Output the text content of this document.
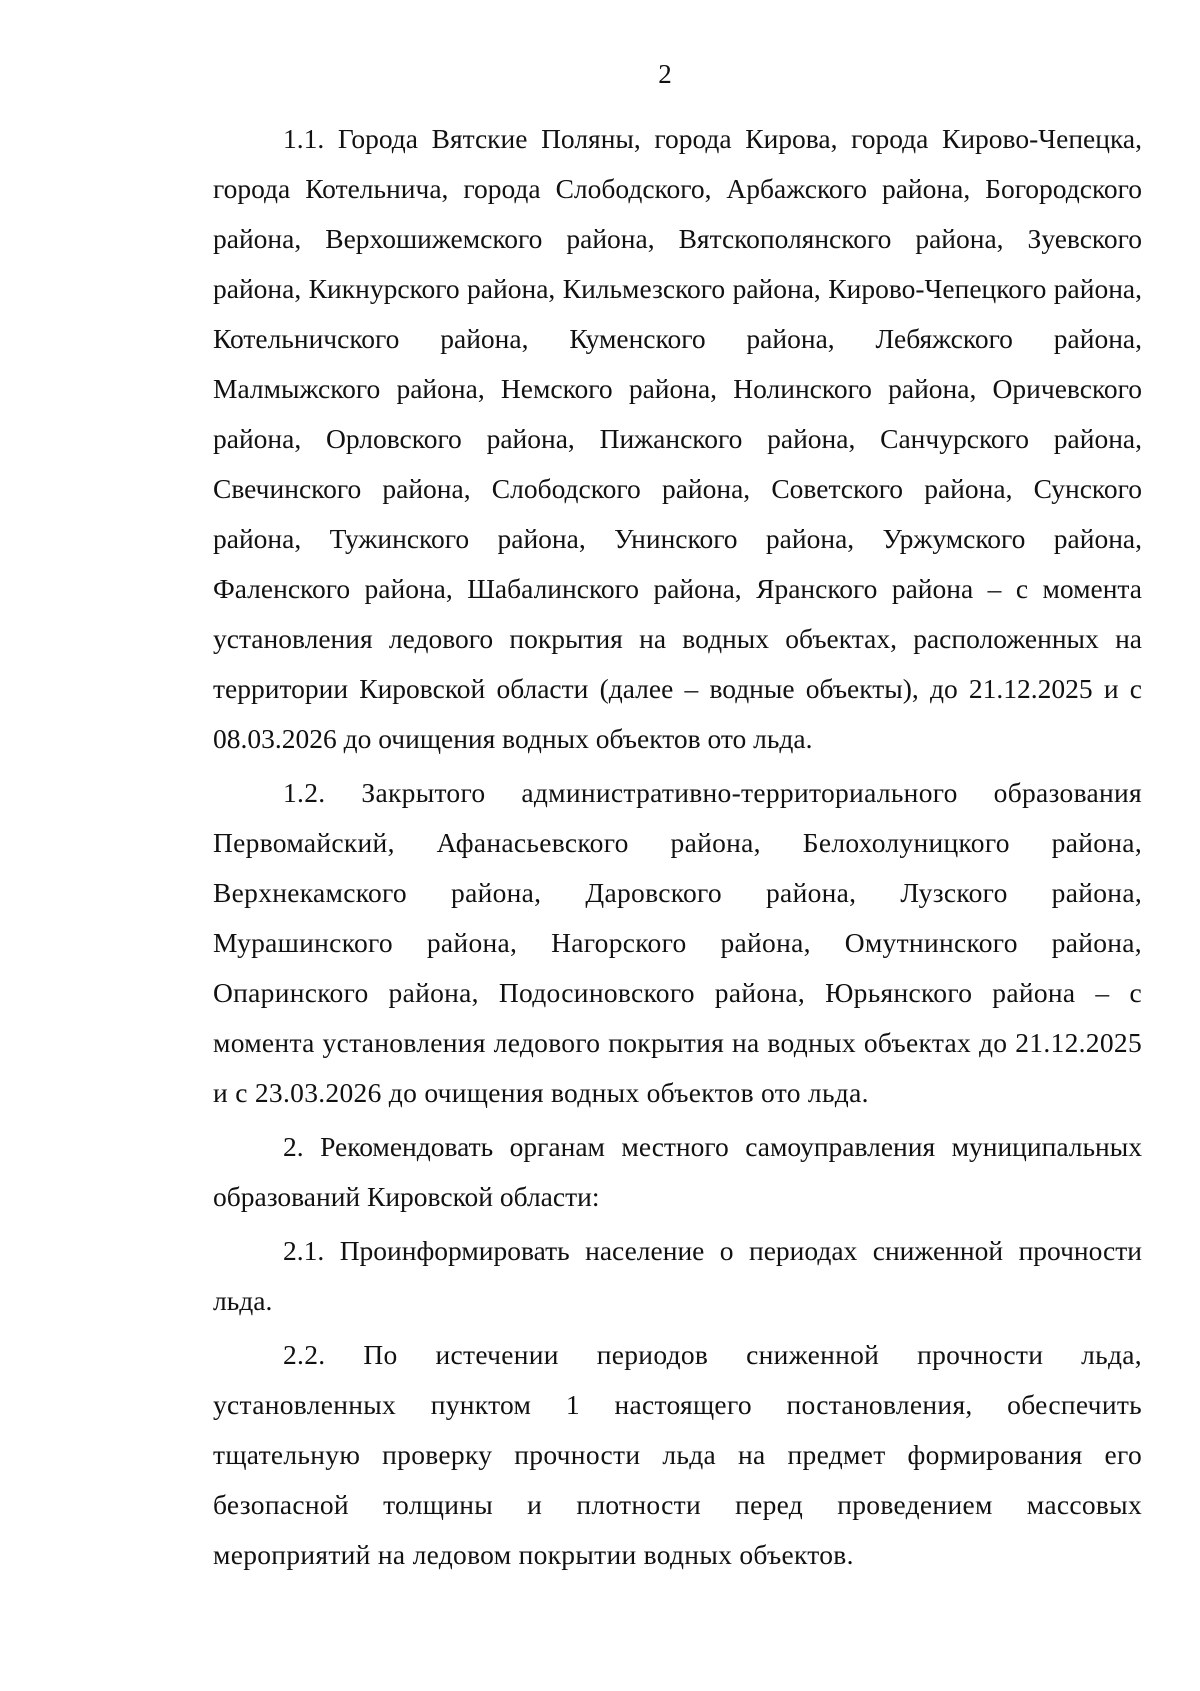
2

1.1. Города Вятские Поляны, города Кирова, города Кирово-Чепецка, города Котельнича, города Слободского, Арбажского района, Богородского района, Верхошижемского района, Вятскополянского района, Зуевского района, Кикнурского района, Кильмезского района, Кирово-Чепецкого района, Котельничского района, Куменского района, Лебяжского района, Малмыжского района, Немского района, Нолинского района, Оричевского района, Орловского района, Пижанского района, Санчурского района, Свечинского района, Слободского района, Советского района, Сунского района, Тужинского района, Унинского района, Уржумского района, Фаленского района, Шабалинского района, Яранского района – с момента установления ледового покрытия на водных объектах, расположенных на территории Кировской области (далее – водные объекты), до 21.12.2025 и с 08.03.2026 до очищения водных объектов ото льда.

1.2. Закрытого административно-территориального образования Первомайский, Афанасьевского района, Белохолуницкого района, Верхнекамского района, Даровского района, Лузского района, Мурашинского района, Нагорского района, Омутнинского района, Опаринского района, Подосиновского района, Юрьянского района – с момента установления ледового покрытия на водных объектах до 21.12.2025 и с 23.03.2026 до очищения водных объектов ото льда.

2. Рекомендовать органам местного самоуправления муниципальных образований Кировской области:

2.1. Проинформировать население о периодах сниженной прочности льда.

2.2. По истечении периодов сниженной прочности льда, установленных пунктом 1 настоящего постановления, обеспечить тщательную проверку прочности льда на предмет формирования его безопасной толщины и плотности перед проведением массовых мероприятий на ледовом покрытии водных объектов.
